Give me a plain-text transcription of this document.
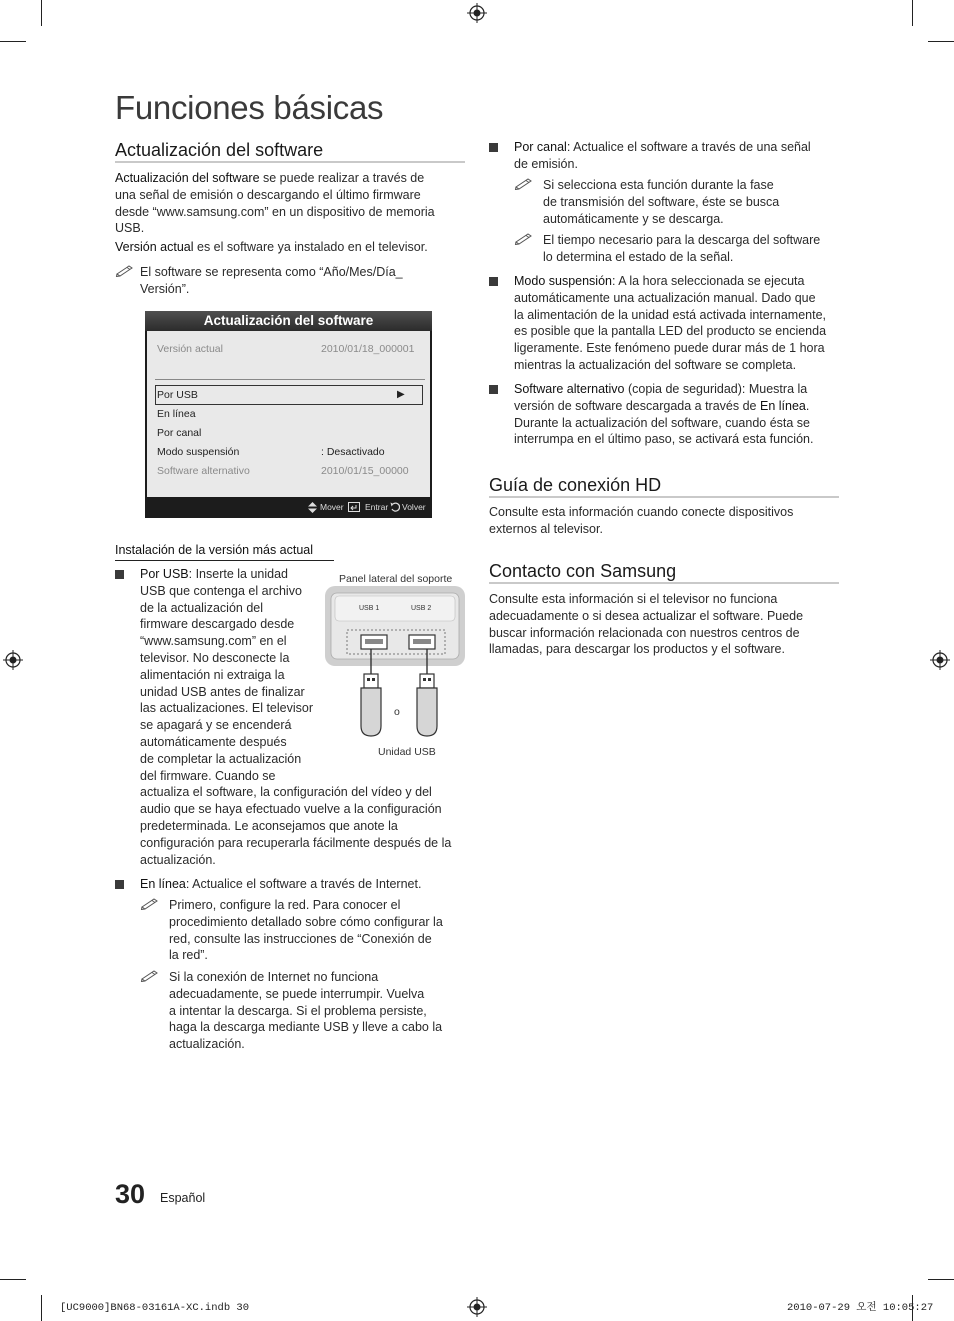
Funciones básicas
Actualización del software
Actualización del software se puede realizar a través de
una señal de emisión o descargando el último firmware
desde “www.samsung.com” en un dispositivo de memoria
USB.
Versión actual es el software ya instalado en el televisor.
El software se representa como “Año/Mes/Día_
Versión”.
Actualización del software
Versión actual	2010/01/18_000001
Por USB	▶
En línea
Por canal
Modo suspensión	: Desactivado
Software alternativo	2010/01/15_00000
Mover	Entrar Volver
Instalación de la versión más actual
Por USB: Inserte la unidad
USB que contenga el archivo
de la actualización del
firmware descargado desde
“www.samsung.com” en el
televisor. No desconecte la
alimentación ni extraiga la
unidad USB antes de finalizar
las actualizaciones. El televisor
se apagará y se encenderá
automáticamente después
de completar la actualización
del firmware. Cuando se
actualiza el software, la configuración del vídeo y del
audio que se haya efectuado vuelve a la configuración
predeterminada. Le aconsejamos que anote la
configuración para recuperarla fácilmente después de la
actualización.
Panel lateral del soporte
USB 1	USB 2
o
Unidad USB
En línea: Actualice el software a través de Internet.
Primero, configure la red. Para conocer el
procedimiento detallado sobre cómo configurar la
red, consulte las instrucciones de “Conexión de
la red”.
Si la conexión de Internet no funciona
adecuadamente, se puede interrumpir. Vuelva
a intentar la descarga. Si el problema persiste,
haga la descarga mediante USB y lleve a cabo la
actualización.
Por canal: Actualice el software a través de una señal
de emisión.
Si selecciona esta función durante la fase
de transmisión del software, éste se busca
automáticamente y se descarga.
El tiempo necesario para la descarga del software
lo determina el estado de la señal.
Modo suspensión: A la hora seleccionada se ejecuta
automáticamente una actualización manual. Dado que
la alimentación de la unidad está activada internamente,
es posible que la pantalla LED del producto se encienda
ligeramente. Este fenómeno puede durar más de 1 hora
mientras la actualización del software se completa.
Software alternativo (copia de seguridad): Muestra la
versión de software descargada a través de En línea.
Durante la actualización del software, cuando ésta se
interrumpa en el último paso, se activará esta función.
Guía de conexión HD
Consulte esta información cuando conecte dispositivos
externos al televisor.
Contacto con Samsung
Consulte esta información si el televisor no funciona
adecuadamente o si desea actualizar el software. Puede
buscar información relacionada con nuestros centros de
llamadas, para descargar los productos y el software.
30 Español
[UC9000]BN68-03161A-XC.indb 30	2010-07-29 오전 10:05:27
